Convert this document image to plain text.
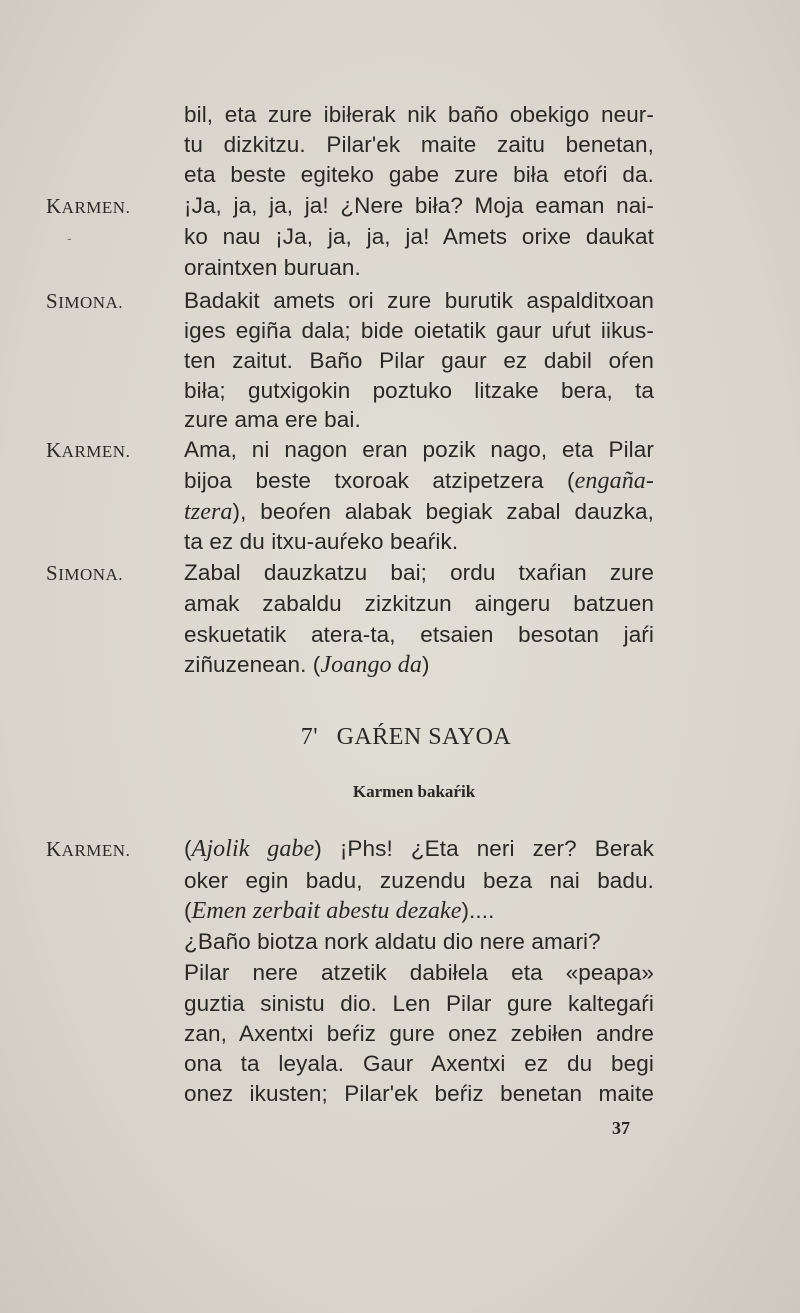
KARMEN.
-
SIMONA.
KARMEN.
SIMONA.
KARMEN.
bil, eta zure ibiłerak nik baño obekigo neur-
tu dizkitzu. Pilar'ek maite zaitu benetan,
eta beste egiteko gabe zure biła etoŕi da.
¡Ja, ja, ja, ja! ¿Nere biła? Moja eaman nai-
ko nau ¡Ja, ja, ja, ja! Amets orixe daukat
oraintxen buruan.
Badakit amets ori zure burutik aspalditxoan
iges egiña dala; bide oietatik gaur uŕut iikus-
ten zaitut. Baño Pilar gaur ez dabil oŕen
biła; gutxigokin poztuko litzake bera, ta
zure ama ere bai.
Ama, ni nagon eran pozik nago, eta Pilar
bijoa beste txoroak atzipetzera (engaña-
tzera), beoŕen alabak begiak zabal dauzka,
ta ez du itxu-auŕeko beaŕik.
Zabal dauzkatzu bai; ordu txaŕian zure
amak zabaldu zizkitzun aingeru batzuen
eskuetatik atera-ta, etsaien besotan jaŕi
ziñuzenean. (Joango da)
7' GAŔEN SAYOA
Karmen bakaŕik
(Ajolik gabe) ¡Phs! ¿Eta neri zer? Berak
oker egin badu, zuzendu beza nai badu.
(Emen zerbait abestu dezake)....
¿Baño biotza nork aldatu dio nere amari?
Pilar nere atzetik dabiłela eta «peapa»
guztia sinistu dio. Len Pilar gure kaltegaŕi
zan, Axentxi beŕiz gure onez zebiłen andre
ona ta leyala. Gaur Axentxi ez du begi
onez ikusten; Pilar'ek beŕiz benetan maite
37
